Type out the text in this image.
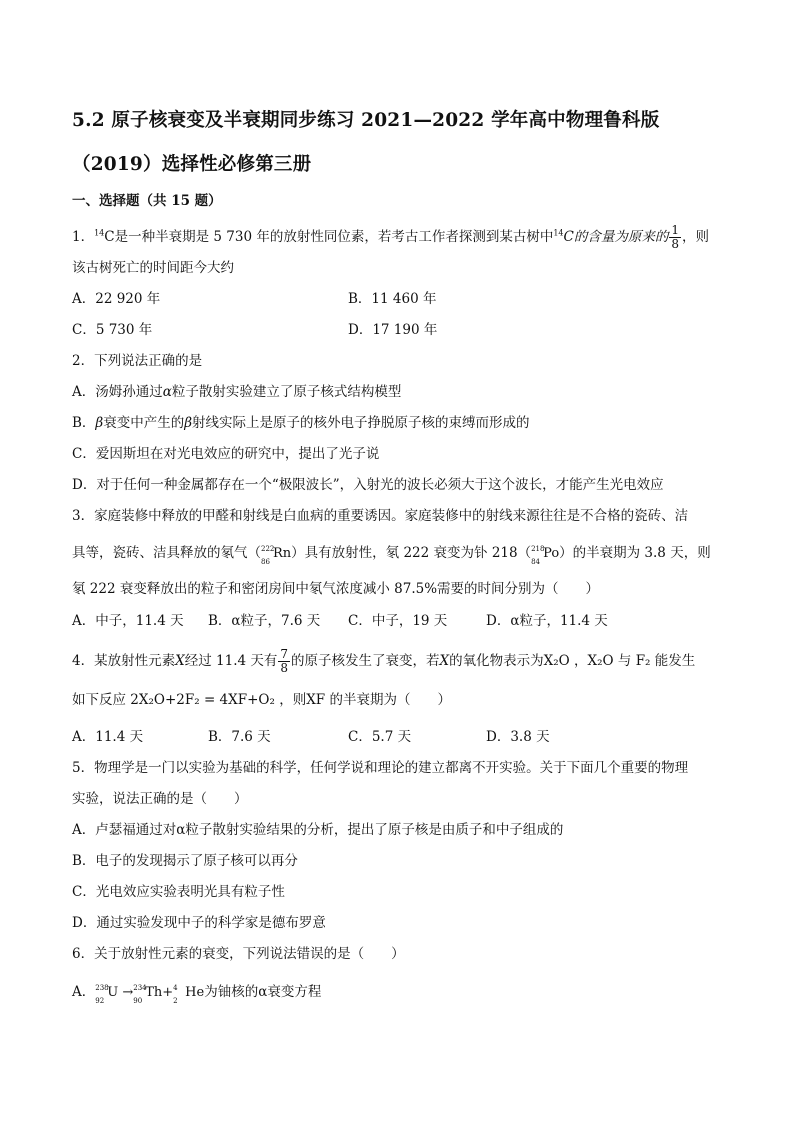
5.2 原子核衰变及半衰期同步练习 2021—2022 学年高中物理鲁科版
（2019）选择性必修第三册
一、选择题（共 15 题）
1．$^{14}$C是一种半衰期是 5 730 年的放射性同位素，若考古工作者探测到某古树中$^{14}$C的含量为原来的 $\frac{1}{8}$ ，则
该古树死亡的时间距今大约
A．22 920 年	B．11 460 年
C．5 730 年	D．17 190 年
2．下列说法正确的是
A．汤姆孙通过α粒子散射实验建立了原子核式结构模型
B．β衰变中产生的β射线实际上是原子的核外电子挣脱原子核的束缚而形成的
C．爱因斯坦在对光电效应的研究中，提出了光子说
D．对于任何一种金属都存在一个“极限波长”，入射光的波长必须大于这个波长，才能产生光电效应
3．家庭装修中释放的甲醛和射线是白血病的重要诱因。家庭装修中的射线来源往往是不合格的瓷砖、洁
具等，瓷砖、洁具释放的氡气（ 222
86
Rn）具有放射性，氡 222 衰变为钋 218（ 218
84
Po）的半衰期为 3.8 天，则
氡 222 衰变释放出的粒子和密闭房间中氡气浓度减小 87.5%需要的时间分别为（　　）
A．中子，11.4 天 B．α粒子，7.6 天 C．中子，19 天	D．α粒子，11.4 天
4．某放射性元素X经过 11.4 天有 $\frac{7}{8}$ 的原子核发生了衰变，若X的氧化物表示为X₂O ，X₂O 与 F₂ 能发生
如下反应 2X₂O+2F₂ = 4XF+O₂ ，则XF 的半衰期为（　　）
A．11.4 天	B．7.6 天	C．5.7 天	D．3.8 天
5．物理学是一门以实验为基础的科学，任何学说和理论的建立都离不开实验。关于下面几个重要的物理
实验，说法正确的是（　　）
A．卢瑟福通过对α粒子散射实验结果的分析，提出了原子核是由质子和中子组成的
B．电子的发现揭示了原子核可以再分
C．光电效应实验表明光具有粒子性
D．通过实验发现中子的科学家是德布罗意
6．关于放射性元素的衰变，下列说法错误的是（　　）
A． 238
92
U → 234
90
Th+ 4
2
He为铀核的α衰变方程
